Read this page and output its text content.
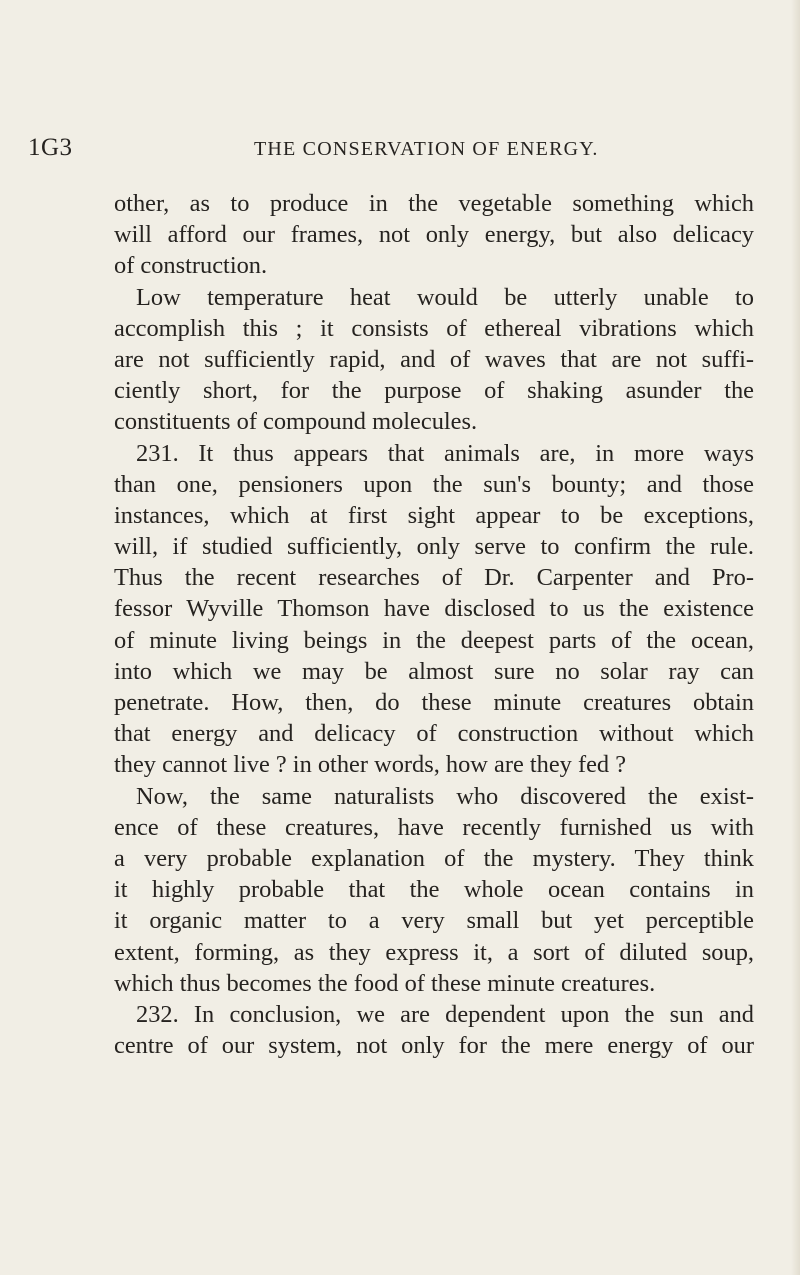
1G3	THE CONSERVATION OF ENERGY.
other, as to produce in the vegetable something which
will afford our frames, not only energy, but also delicacy
of construction.
Low temperature heat would be utterly unable to
accomplish this ; it consists of ethereal vibrations which
are not sufficiently rapid, and of waves that are not suffi-
ciently short, for the purpose of shaking asunder the
constituents of compound molecules.
231. It thus appears that animals are, in more ways
than one, pensioners upon the sun's bounty; and those
instances, which at first sight appear to be exceptions,
will, if studied sufficiently, only serve to confirm the rule.
Thus the recent researches of Dr. Carpenter and Pro-
fessor Wyville Thomson have disclosed to us the existence
of minute living beings in the deepest parts of the ocean,
into which we may be almost sure no solar ray can
penetrate. How, then, do these minute creatures obtain
that energy and delicacy of construction without which
they cannot live ? in other words, how are they fed ?
Now, the same naturalists who discovered the exist-
ence of these creatures, have recently furnished us with
a very probable explanation of the mystery. They think
it highly probable that the whole ocean contains in
it organic matter to a very small but yet perceptible
extent, forming, as they express it, a sort of diluted soup,
which thus becomes the food of these minute creatures.
232. In conclusion, we are dependent upon the sun and
centre of our system, not only for the mere energy of our
